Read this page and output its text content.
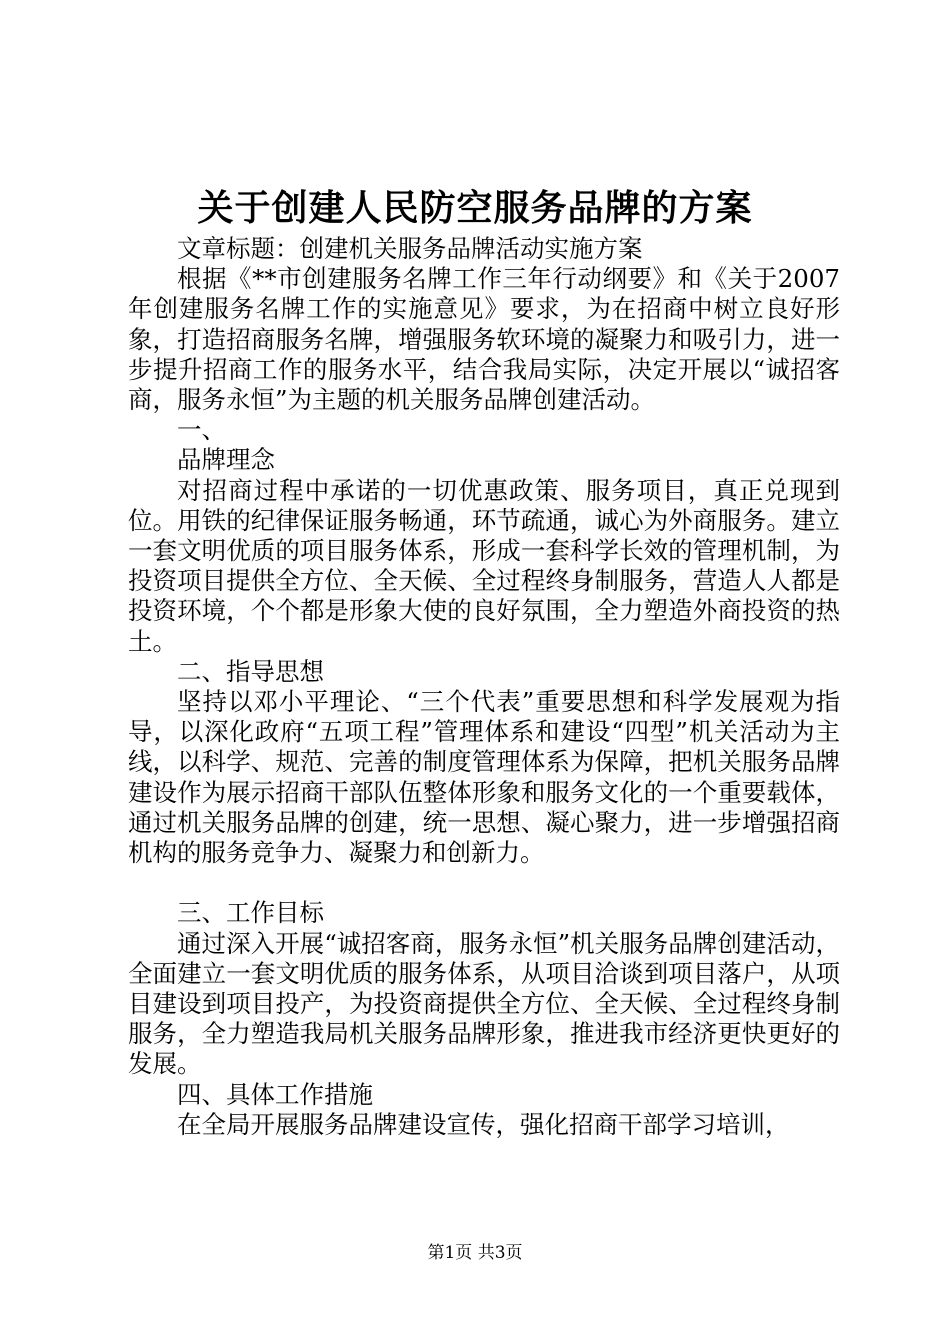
关于创建人民防空服务品牌的方案

文章标题：创建机关服务品牌活动实施方案

根据《**市创建服务名牌工作三年行动纲要》和《关于2007年创建服务名牌工作的实施意见》要求，为在招商中树立良好形象，打造招商服务名牌，增强服务软环境的凝聚力和吸引力，进一步提升招商工作的服务水平，结合我局实际，决定开展以“诚招客商，服务永恒”为主题的机关服务品牌创建活动。

一、

品牌理念

对招商过程中承诺的一切优惠政策、服务项目，真正兑现到位。用铁的纪律保证服务畅通，环节疏通，诚心为外商服务。建立一套文明优质的项目服务体系，形成一套科学长效的管理机制，为投资项目提供全方位、全天候、全过程终身制服务，营造人人都是投资环境，个个都是形象大使的良好氛围，全力塑造外商投资的热土。

二、指导思想

坚持以邓小平理论、“三个代表”重要思想和科学发展观为指导，以深化政府“五项工程”管理体系和建设“四型”机关活动为主线，以科学、规范、完善的制度管理体系为保障，把机关服务品牌建设作为展示招商干部队伍整体形象和服务文化的一个重要载体，通过机关服务品牌的创建，统一思想、凝心聚力，进一步增强招商机构的服务竞争力、凝聚力和创新力。

三、工作目标

通过深入开展“诚招客商，服务永恒”机关服务品牌创建活动，全面建立一套文明优质的服务体系，从项目洽谈到项目落户，从项目建设到项目投产，为投资商提供全方位、全天候、全过程终身制服务，全力塑造我局机关服务品牌形象，推进我市经济更快更好的发展。

四、具体工作措施

在全局开展服务品牌建设宣传，强化招商干部学习培训，

第1页 共3页
